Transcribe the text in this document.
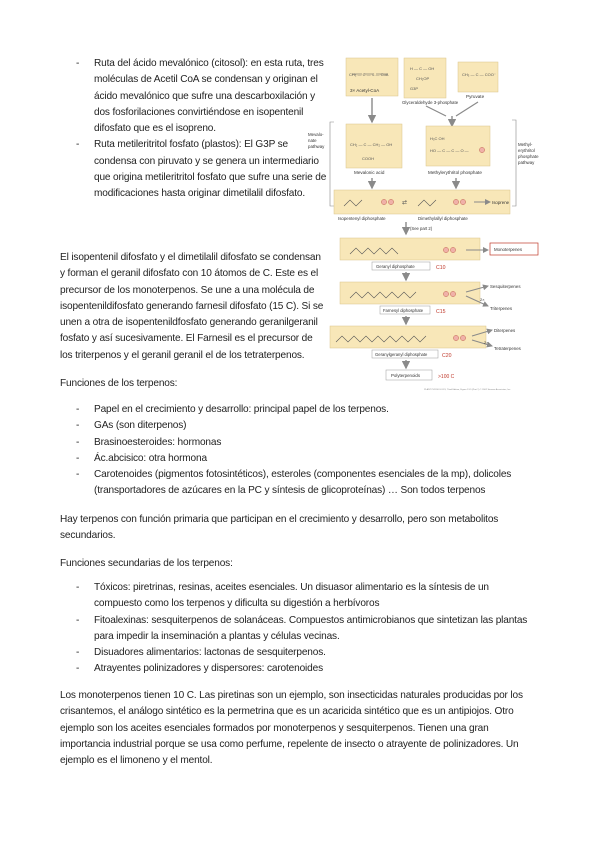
- Ruta del ácido mevalónico (citosol): en esta ruta, tres moléculas de Acetil CoA se condensan y originan el ácido mevalónico que sufre una descarboxilación y dos fosforilaciones convirtiéndose en isopentenil difosfato que es el isopreno.
- Ruta metileritritol fosfato (plastos): El G3P se condensa con piruvato y se genera un intermediario que origina metileritritol fosfato que sufre una serie de modificaciones hasta originar dimetilalil difosfato.
CH₃ — C — S — CoA
3× Acetyl-CoA
H — C — OH
CH₂OP
G3P
Glyceraldehyde 3-phosphate
CH₃ — C — COO⁻
Pyruvate
Mevalo-
nate
pathway	Methyl-
erythritol
phosphate
pathway
CH₂ — C — CH₂ — OH
COOH
Mevalonic acid
H₃C OH
HO — C — C — O —
Methylerythritol phosphate
⇄	Isoprene
Isopentenyl diphosphate	Dimethylallyl diphosphate
(See part 2)
Monoterpenes
Geranyl diphosphate	C10
Sesquiterpenes
2×
Triterpenes
Farnesyl diphosphate C15
Diterpenes
2×
Tetraterpenes
Geranylgeranyl diphosphate	C20
Polyterpenoids	>100 C
PLANT PHYSIOLOGY, Third Edition, Figure 13.5 (Part 1) © 2002 Sinauer Associates, Inc.

El isopentenil difosfato y el dimetilalil difosfato se condensan y forman el geranil difosfato con 10 átomos de C. Este es el precursor de los monoterpenos. Se une a una molécula de isopentenildifosfato generando farnesil difosfato (15 C). Si se unen a otra de isopentenildfosfato generando geranilgeranil fosfato y así sucesivamente. El Farnesil es el precursor de los triterpenos y el geranil geranil el de los tetraterpenos.

Funciones de los terpenos:

- Papel en el crecimiento y desarrollo: principal papel de los terpenos.
- GAs (son diterpenos)
- Brasinoesteroides: hormonas
- Ác.abcisico: otra hormona
- Carotenoides (pigmentos fotosintéticos), esteroles (componentes esenciales de la mp), dolicoles (transportadores de azúcares en la PC y síntesis de glicoproteínas) … Son todos terpenos

Hay terpenos con función primaria que participan en el crecimiento y desarrollo, pero son metabolitos secundarios.

Funciones secundarias de los terpenos:

- Tóxicos: piretrinas, resinas, aceites esenciales. Un disuasor alimentario es la síntesis de un compuesto como los terpenos y dificulta su digestión a herbívoros
- Fitoalexinas: sesquiterpenos de solanáceas. Compuestos antimicrobianos que sintetizan las plantas para impedir la inseminación a plantas y células vecinas.
- Disuadores alimentarios: lactonas de sesquiterpenos.
- Atrayentes polinizadores y dispersores: carotenoides

Los monoterpenos tienen 10 C. Las piretinas son un ejemplo, son insecticidas naturales producidas por los crisantemos, el análogo sintético es la permetrina que es un acaricida sintético que es un antipiojos. Otro ejemplo son los aceites esenciales formados por monoterpenos y sesquiterpenos. Tienen una gran importancia industrial porque se usa como perfume, repelente de insecto o atrayente de polinizadores. Un ejemplo es el limoneno y el mentol.
